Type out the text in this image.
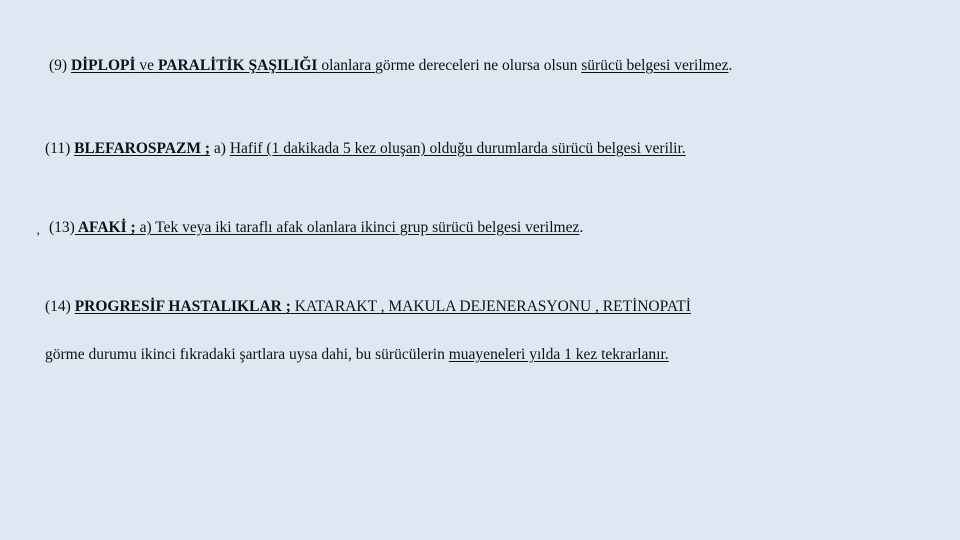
(9) DİPLOPİ ve PARALİTİK ŞAŞILIĞI olanlara görme dereceleri ne olursa olsun sürücü belgesi verilmez.
(11) BLEFAROSPAZM ; a) Hafif (1 dakikada 5 kez oluşan) olduğu durumlarda sürücü belgesi verilir.
ʼ
(13) AFAKİ ; a) Tek veya iki taraflı afak olanlara ikinci grup sürücü belgesi verilmez.
(14) PROGRESİF HASTALIKLAR ; KATARAKT , MAKULA DEJENERASYONU , RETİNOPATİ
görme durumu ikinci fıkradaki şartlara uysa dahi, bu sürücülerin muayeneleri yılda 1 kez tekrarlanır.
